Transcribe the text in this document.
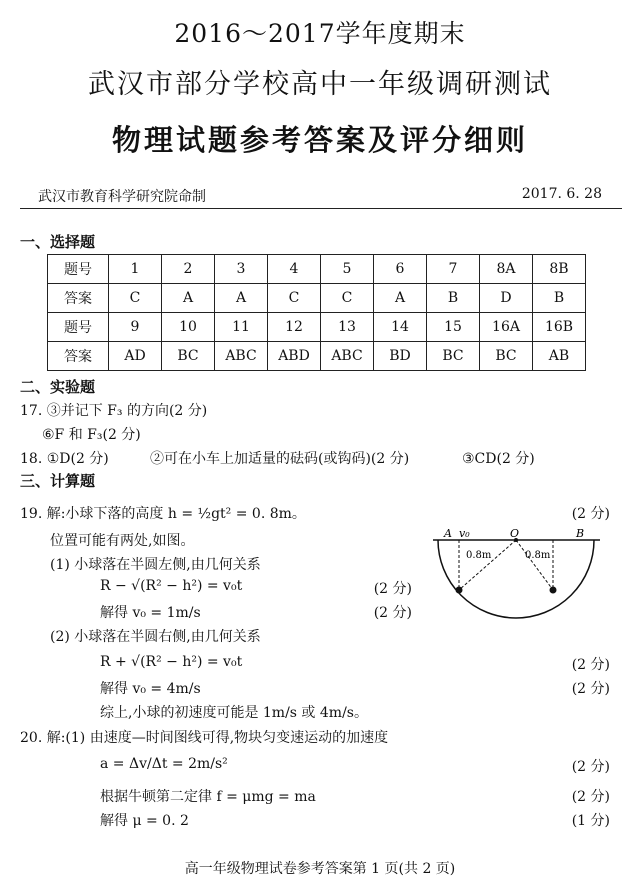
2016～2017学年度期末
武汉市部分学校高中一年级调研测试
物理试题参考答案及评分细则
武汉市教育科学研究院命制	2017. 6. 28
一、选择题
题号	1	2	3	4	5	6	7	8A	8B
答案	C	A	A	C	C	A	B	D	B
题号	9	10	11	12	13	14	15	16A	16B
答案	AD	BC	ABC	ABD	ABC	BD	BC	BC	AB
二、实验题
17. ③并记下 F₃ 的方向(2 分)
⑥F 和 F₃(2 分)
18. ①D(2 分)	②可在小车上加适量的砝码(或钩码)(2 分)	③CD(2 分)
三、计算题
19. 解:小球下落的高度 h = ½gt² = 0. 8m。	(2 分)
位置可能有两处,如图。
(1) 小球落在半圆左侧,由几何关系
R − √(R² − h²) = v₀t	(2 分)
解得 v₀ = 1m/s	(2 分)
(2) 小球落在半圆右侧,由几何关系
R + √(R² − h²) = v₀t	(2 分)
解得 v₀ = 4m/s	(2 分)
综上,小球的初速度可能是 1m/s 或 4m/s。
A v₀	O	B
0.8m	0.8m
20. 解:(1) 由速度—时间图线可得,物块匀变速运动的加速度
a = Δv/Δt = 2m/s²	(2 分)
根据牛顿第二定律 f = μmg = ma	(2 分)
解得 μ = 0. 2	(1 分)
高一年级物理试卷参考答案第 1 页(共 2 页)
